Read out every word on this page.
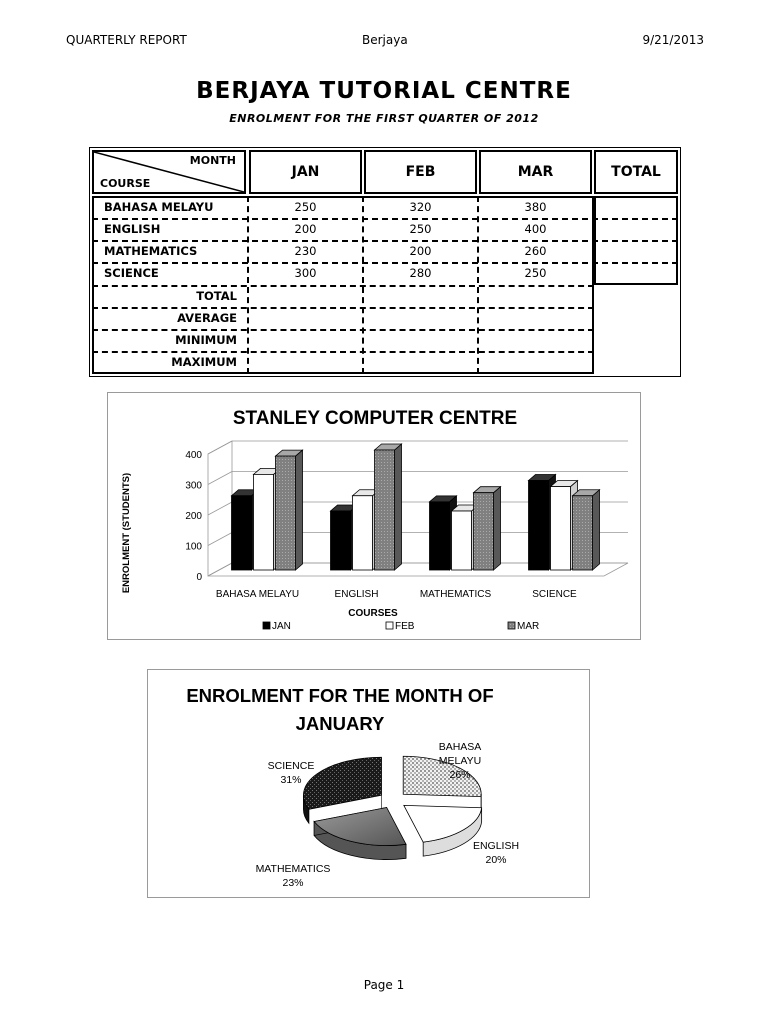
QUARTERLY REPORT	Berjaya	9/21/2013
BERJAYA TUTORIAL CENTRE
ENROLMENT FOR THE FIRST QUARTER OF 2012
MONTH
COURSE
JAN	FEB	MAR	TOTAL
BAHASA MELAYU	250	320	380
ENGLISH	200	250	400
MATHEMATICS	230	200	260
SCIENCE	300	280	250
TOTAL
AVERAGE
MINIMUM
MAXIMUM
STANLEY COMPUTER CENTRE
0
100
200
300
400
BAHASA MELAYU	ENGLISH	MATHEMATICS	SCIENCE
COURSES
ENROLMENT (STUDENTS)
JAN	FEB	MAR
ENROLMENT FOR THE MONTH OF
JANUARY
BAHASA
MELAYU
26%
ENGLISH
20%
MATHEMATICS
23%
SCIENCE
31%
Page 1
